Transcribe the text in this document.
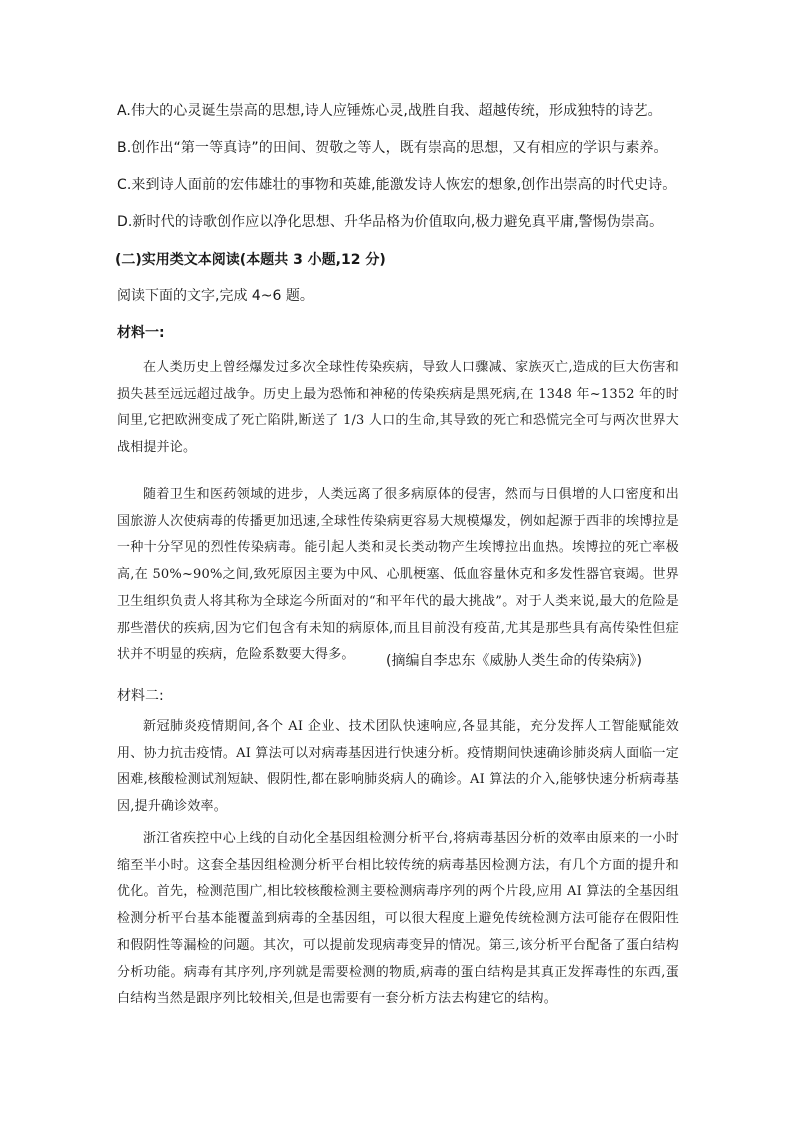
A.伟大的心灵诞生崇高的思想,诗人应锤炼心灵,战胜自我、超越传统，形成独特的诗艺。
B.创作出“第一等真诗”的田间、贺敬之等人，既有崇高的思想，又有相应的学识与素养。
C.来到诗人面前的宏伟雄壮的事物和英雄,能激发诗人恢宏的想象,创作出崇高的时代史诗。
D.新时代的诗歌创作应以净化思想、升华品格为价值取向,极力避免真平庸,警惕伪崇高。
(二)实用类文本阅读(本题共 3 小题,12 分)
阅读下面的文字,完成 4~6 题。
材料一:

在人类历史上曾经爆发过多次全球性传染疾病，导致人口骤减、家族灭亡,造成的巨大伤害和损失甚至远远超过战争。历史上最为恐怖和神秘的传染疾病是黑死病,在 1348 年~1352 年的时间里,它把欧洲变成了死亡陷阱,断送了 1/3 人口的生命,其导致的死亡和恐慌完全可与两次世界大战相提并论。

随着卫生和医药领域的进步，人类远离了很多病原体的侵害，然而与日俱增的人口密度和出国旅游人次使病毒的传播更加迅速,全球性传染病更容易大规模爆发，例如起源于西非的埃博拉是一种十分罕见的烈性传染病毒。能引起人类和灵长类动物产生埃博拉出血热。埃博拉的死亡率极高,在 50%~90%之间,致死原因主要为中风、心肌梗塞、低血容量休克和多发性器官衰竭。世界卫生组织负责人将其称为全球迄今所面对的“和平年代的最大挑战”。对于人类来说,最大的危险是那些潜伏的疾病,因为它们包含有未知的病原体,而且目前没有疫苗,尤其是那些具有高传染性但症状并不明显的疾病，危险系数要大得多。	(摘编自李忠东《威胁人类生命的传染病》)
材料二:

新冠肺炎疫情期间,各个 AI 企业、技术团队快速响应,各显其能，充分发挥人工智能赋能效用、协力抗击疫情。AI 算法可以对病毒基因进行快速分析。疫情期间快速确诊肺炎病人面临一定困难,核酸检测试剂短缺、假阴性,都在影响肺炎病人的确诊。AI 算法的介入,能够快速分析病毒基因,提升确诊效率。

浙江省疾控中心上线的自动化全基因组检测分析平台,将病毒基因分析的效率由原来的一小时缩至半小时。这套全基因组检测分析平台相比较传统的病毒基因检测方法，有几个方面的提升和优化。首先，检测范围广,相比较核酸检测主要检测病毒序列的两个片段,应用 AI 算法的全基因组检测分析平台基本能覆盖到病毒的全基因组，可以很大程度上避免传统检测方法可能存在假阳性和假阴性等漏检的问题。其次，可以提前发现病毒变异的情况。第三,该分析平台配备了蛋白结构分析功能。病毒有其序列,序列就是需要检测的物质,病毒的蛋白结构是其真正发挥毒性的东西,蛋白结构当然是跟序列比较相关,但是也需要有一套分析方法去构建它的结构。
